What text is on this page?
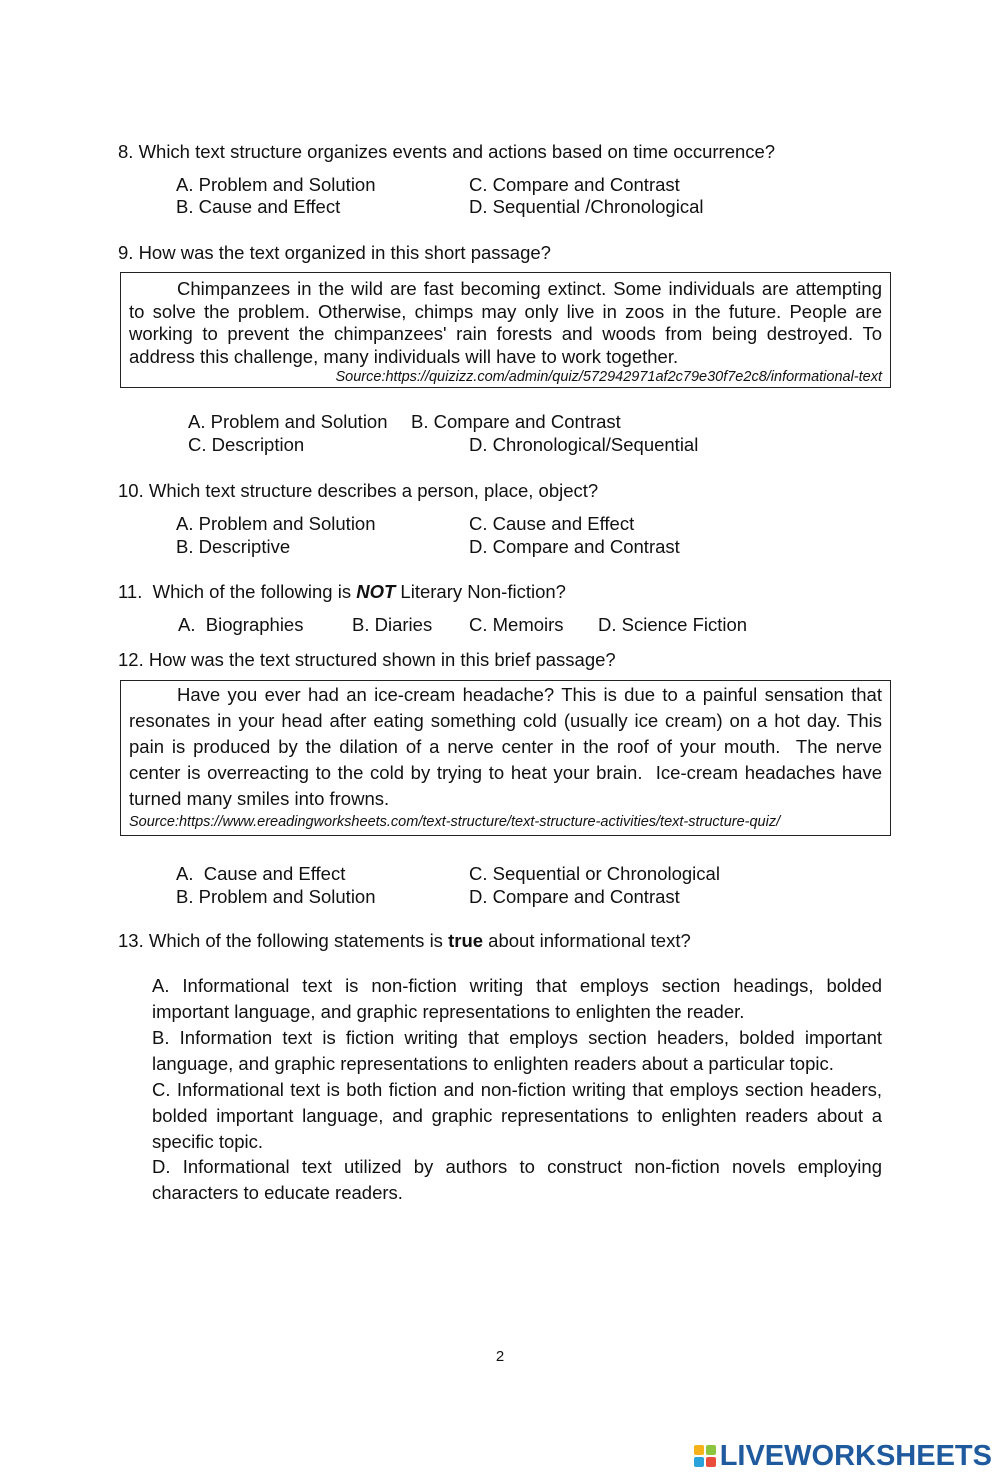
8. Which text structure organizes events and actions based on time occurrence?
A. Problem and Solution	C. Compare and Contrast
B. Cause and Effect	D. Sequential /Chronological
9. How was the text organized in this short passage?

Chimpanzees in the wild are fast becoming extinct. Some individuals are attempting to solve the problem. Otherwise, chimps may only live in zoos in the future. People are working to prevent the chimpanzees' rain forests and woods from being destroyed. To address this challenge, many individuals will have to work together.

Source:https://quizizz.com/admin/quiz/572942971af2c79e30f7e2c8/informational-text
A. Problem and Solution B. Compare and Contrast
C. Description	D. Chronological/Sequential
10. Which text structure describes a person, place, object?
A. Problem and Solution	C. Cause and Effect
B. Descriptive	D. Compare and Contrast
11.  Which of the following is NOT Literary Non-fiction?
A.  Biographies	B. Diaries C. Memoirs D. Science Fiction
12. How was the text structured shown in this brief passage?

Have you ever had an ice-cream headache? This is due to a painful sensation that resonates in your head after eating something cold (usually ice cream) on a hot day. This pain is produced by the dilation of a nerve center in the roof of your mouth.  The nerve center is overreacting to the cold by trying to heat your brain.  Ice-cream headaches have turned many smiles into frowns.

Source:https://www.ereadingworksheets.com/text-structure/text-structure-activities/text-structure-quiz/
A.  Cause and Effect	C. Sequential or Chronological
B. Problem and Solution	D. Compare and Contrast
13. Which of the following statements is true about informational text?

A. Informational text is non-fiction writing that employs section headings, bolded important language, and graphic representations to enlighten the reader.

B. Information text is fiction writing that employs section headers, bolded important language, and graphic representations to enlighten readers about a particular topic.

C. Informational text is both fiction and non-fiction writing that employs section headers, bolded important language, and graphic representations to enlighten readers about a specific topic.

D. Informational text utilized by authors to construct non-fiction novels employing characters to educate readers.

2
LIVEWORKSHEETS
